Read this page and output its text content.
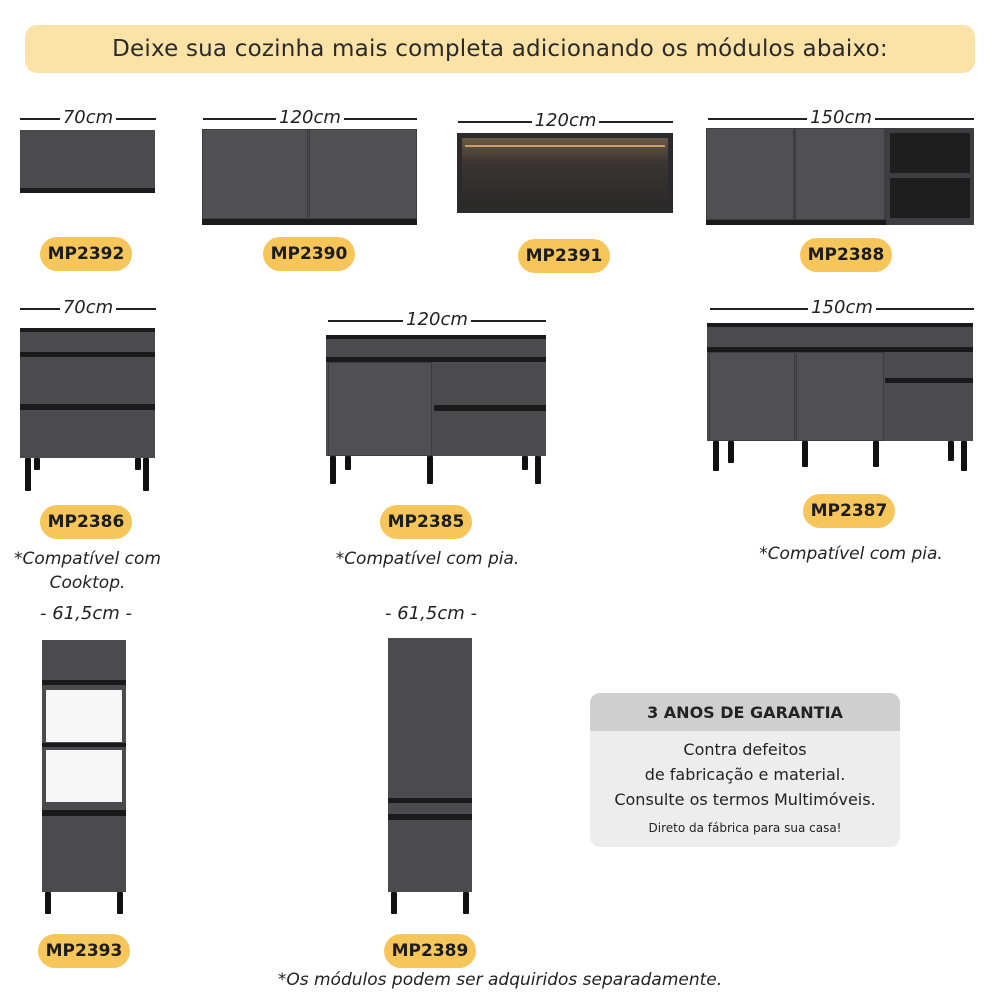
Deixe sua cozinha mais completa adicionando os módulos abaixo:
70cm
MP2392
120cm
MP2390
120cm
MP2391
150cm
MP2388
70cm
MP2386
*Compatível com Cooktop.
120cm
MP2385
*Compatível com pia.
150cm
MP2387
*Compatível com pia.
- 61,5cm -
MP2393
- 61,5cm -
MP2389
3 ANOS DE GARANTIA
Contra defeitos
de fabricação e material.
Consulte os termos Multimóveis.
Direto da fábrica para sua casa!
*Os módulos podem ser adquiridos separadamente.
